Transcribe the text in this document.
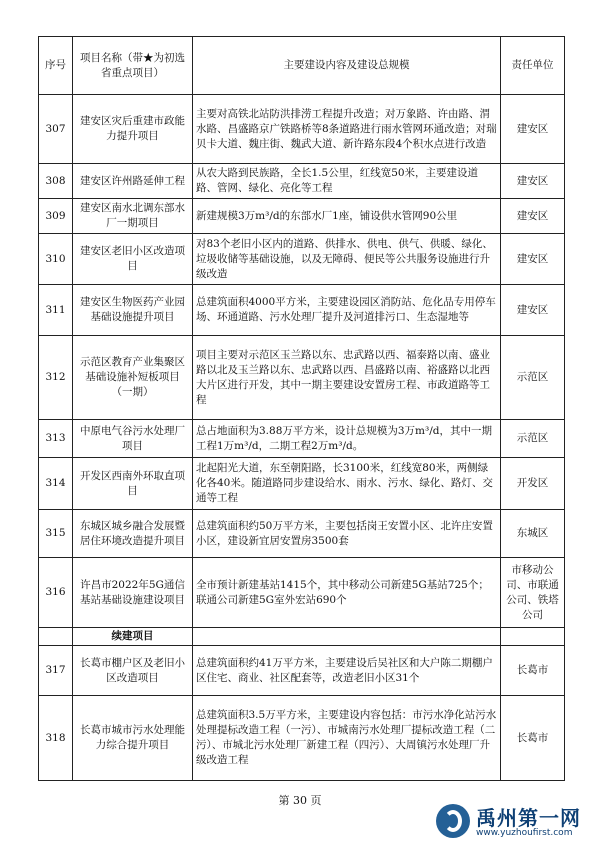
序号	项目名称（带★为初选省重点项目）	主要建设内容及建设总规模	责任单位
307	建安区灾后重建市政能力提升项目	主要对高铁北站防洪排涝工程提升改造；对万象路、许由路、渭水路、昌盛路京广铁路桥等8条道路进行雨水管网环通改造；对瑞贝卡大道、魏庄街、魏武大道、新许路东段4个积水点进行改造	建安区
308	建安区许州路延伸工程	从农大路到民族路，全长1.5公里，红线宽50米，主要建设道路、管网、绿化、亮化等工程	建安区
309	建安区南水北调东部水厂一期项目	新建规模3万m³/d的东部水厂1座，铺设供水管网90公里	建安区
310	建安区老旧小区改造项目	对83个老旧小区内的道路、供排水、供电、供气、供暖、绿化、垃圾收储等基础设施，以及无障碍、便民等公共服务设施进行升级改造	建安区
311	建安区生物医药产业园基础设施提升项目	总建筑面积4000平方米，主要建设园区消防站、危化品专用停车场、环通道路、污水处理厂提升及河道排污口、生态湿地等	建安区
312	示范区教育产业集聚区基础设施补短板项目（一期）	项目主要对示范区玉兰路以东、忠武路以西、福泰路以南、盛业路以北及玉兰路以东、忠武路以西、昌盛路以南、裕盛路以北西大片区进行开发，其中一期主要建设安置房工程、市政道路等工程	示范区
313	中原电气谷污水处理厂项目	总占地面积为3.88万平方米，设计总规模为3万m³/d，其中一期工程1万m³/d，二期工程2万m³/d。	示范区
314	开发区西南外环取直项目	北起阳光大道，东至朝阳路，长3100米，红线宽80米，两侧绿化各40米。随道路同步建设给水、雨水、污水、绿化、路灯、交通等工程	开发区
315	东城区城乡融合发展暨居住环境改造提升项目	总建筑面积约50万平方米，主要包括岗王安置小区、北许庄安置小区，建设新宜居安置房3500套	东城区
316	许昌市2022年5G通信基站基础设施建设项目	全市预计新建基站1415个，其中移动公司新建5G基站725个；联通公司新建5G室外宏站690个	市移动公司、市联通公司、铁塔公司
	续建项目		
317	长葛市棚户区及老旧小区改造项目	总建筑面积约41万平方米，主要建设后吴社区和大户陈二期棚户区住宅、商业、社区配套等，改造老旧小区31个	长葛市
318	长葛市城市污水处理能力综合提升项目	总建筑面积3.5万平方米，主要建设内容包括：市污水净化站污水处理提标改造工程（一污）、市城南污水处理厂提标改造工程（二污）、市城北污水处理厂新建工程（四污）、大周镇污水处理厂升级改造工程	长葛市
第 30 页
禹州第一网
www.yuzhoufirst.com
